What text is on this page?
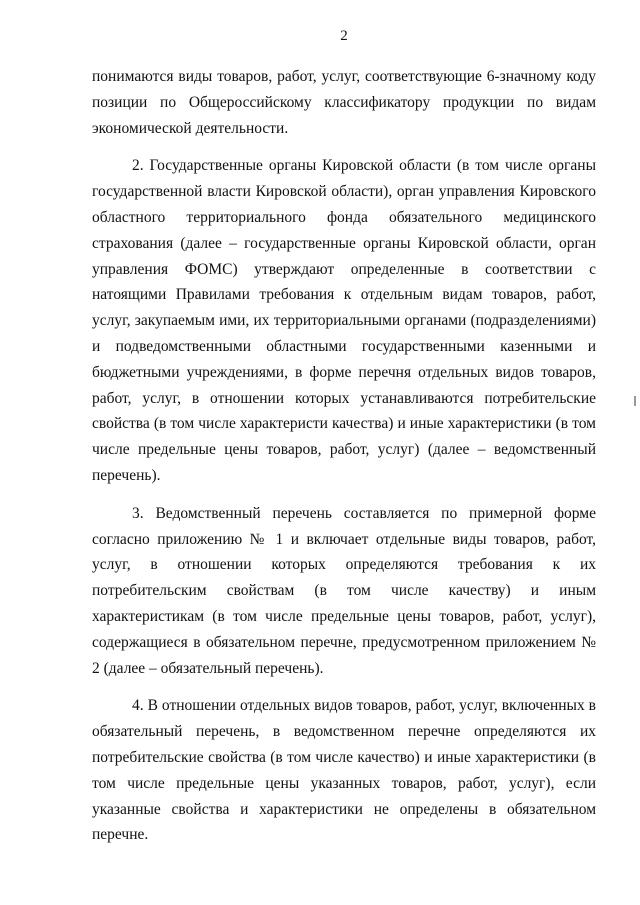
2

понимаются виды товаров, работ, услуг, соответствующие 6-значному коду позиции по Общероссийскому классификатору продукции по видам экономической деятельности.

2. Государственные органы Кировской области (в том числе органы государственной власти Кировской области), орган управления Кировского областного территориального фонда обязательного медицинского страхования (далее – государственные органы Кировской области, орган управления ФОМС) утверждают определенные в соответствии с натоящими Правилами требования к отдельным видам товаров, работ, услуг, закупаемым ими, их территориальными органами (подразделениями) и подведомственными областными государственными казенными и бюджетными учреждениями, в форме перечня отдельных видов товаров, работ, услуг, в отношении которых устанавливаются потребительские свойства (в том числе характеристи качества) и иные характеристики (в том числе предельные цены товаров, работ, услуг) (далее – ведомственный перечень).

3. Ведомственный перечень составляется по примерной форме согласно приложению № 1 и включает отдельные виды товаров, работ, услуг, в отношении которых определяются требования к их потребительским свойствам (в том числе качеству) и иным характеристикам (в том числе предельные цены товаров, работ, услуг), содержащиеся в обязательном перечне, предусмотренном приложением № 2 (далее – обязательный перечень).

4. В отношении отдельных видов товаров, работ, услуг, включенных в обязательный перечень, в ведомственном перечне определяются их потребительские свойства (в том числе качество) и иные характеристики (в том числе предельные цены указанных товаров, работ, услуг), если указанные свойства и характеристики не определены в обязательном перечне.
